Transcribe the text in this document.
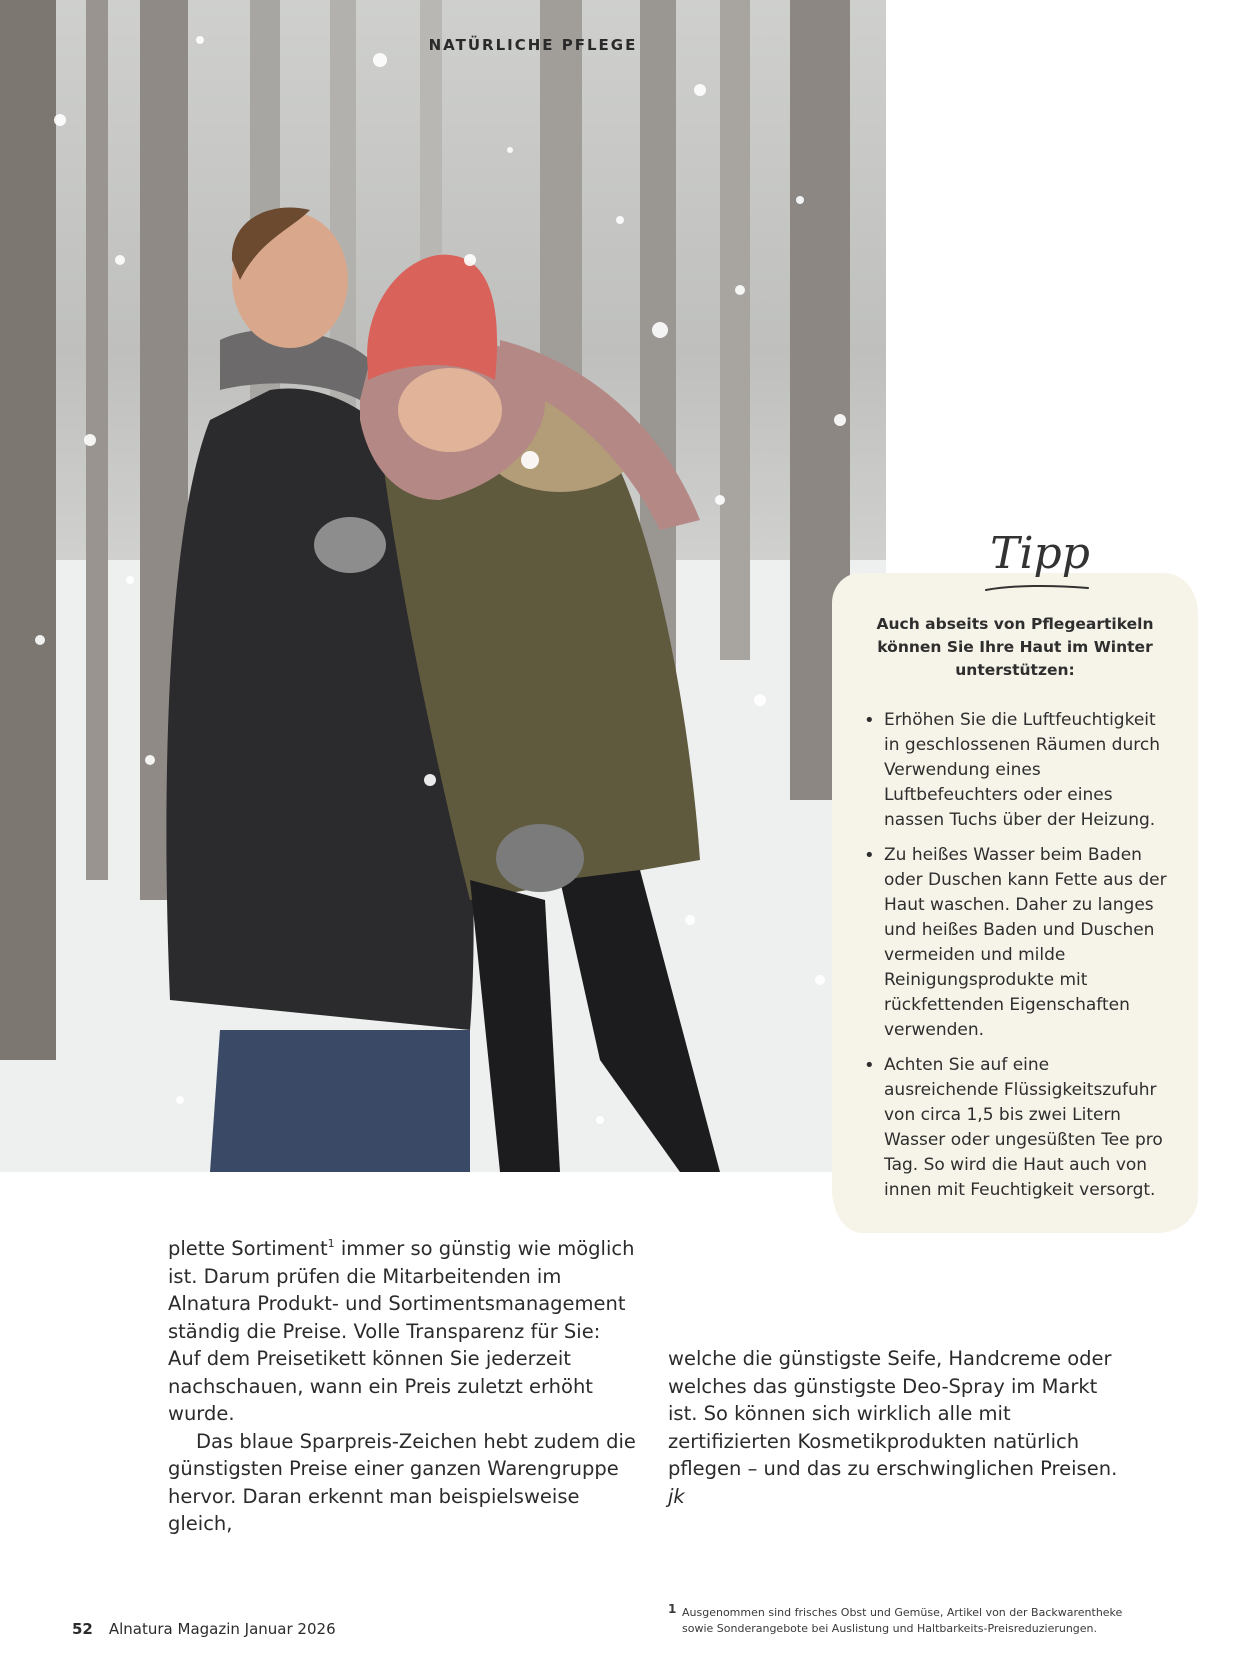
NATÜRLICHE PFLEGE

Auch abseits von Pflegeartikeln können Sie Ihre Haut im Winter unterstützen:

• Erhöhen Sie die Luftfeuchtigkeit in geschlossenen Räumen durch Verwendung eines Luftbefeuchters oder eines nassen Tuchs über der Heizung.
• Zu heißes Wasser beim Baden oder Duschen kann Fette aus der Haut waschen. Daher zu langes und heißes Baden und Duschen vermeiden und milde Reinigungsprodukte mit rückfettenden Eigenschaften verwenden.
• Achten Sie auf eine ausreichende Flüssigkeitszufuhr von circa 1,5 bis zwei Litern Wasser oder ungesüßten Tee pro Tag. So wird die Haut auch von innen mit Feuchtigkeit versorgt.
Tipp

plette Sortiment$^1$ immer so günstig wie möglich ist. Darum prüfen die Mitarbeitenden im Alnatura Produkt- und Sortimentsmanagement ständig die Preise. Volle Transparenz für Sie: Auf dem Preisetikett können Sie jederzeit nachschauen, wann ein Preis zuletzt erhöht wurde.

Das blaue Sparpreis-Zeichen hebt zudem die günstigsten Preise einer ganzen Warengruppe hervor. Daran erkennt man beispielsweise gleich,

welche die günstigste Seife, Handcreme oder welches das günstigste Deo-Spray im Markt ist. So können sich wirklich alle mit zertifizierten Kosmetikprodukten natürlich pflegen – und das zu erschwinglichen Preisen. jk

52 Alnatura Magazin Januar 2026
1 Ausgenommen sind frisches Obst und Gemüse, Artikel von der Backwarentheke sowie Sonderangebote bei Auslistung und Haltbarkeits-Preisreduzierungen.
